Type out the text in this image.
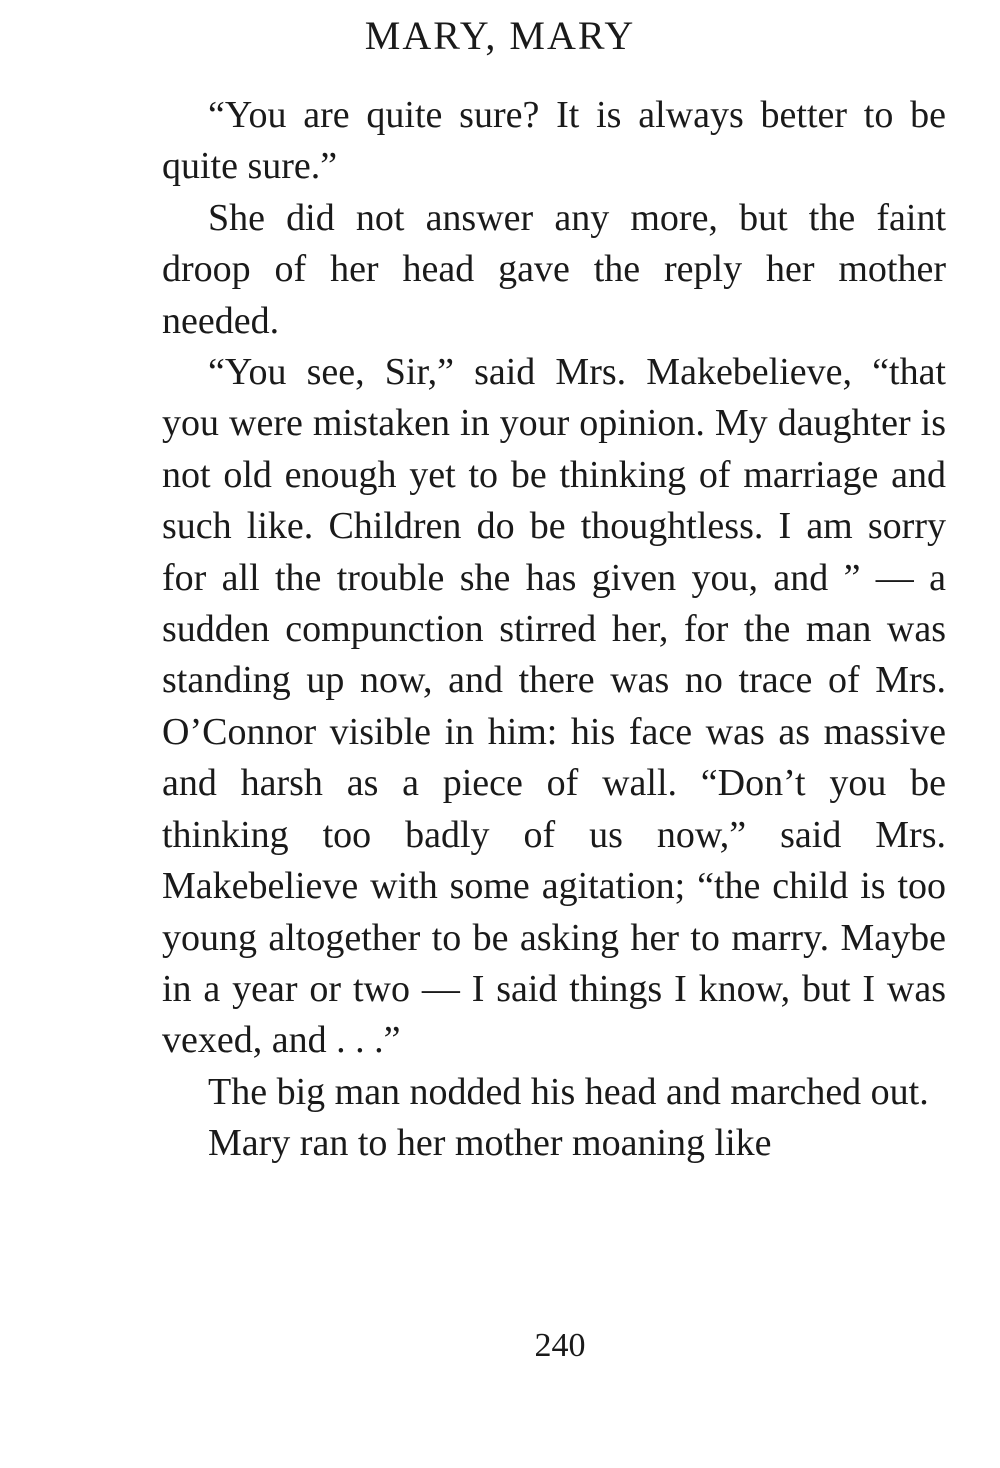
MARY, MARY

“You are quite sure? It is always better to be quite sure.”

She did not answer any more, but the faint droop of her head gave the reply her mother needed.

“You see, Sir,” said Mrs. Makebelieve, “that you were mistaken in your opinion. My daughter is not old enough yet to be thinking of marriage and such like. Children do be thoughtless. I am sorry for all the trouble she has given you, and ” — a sudden compunction stirred her, for the man was standing up now, and there was no trace of Mrs. O’Connor visible in him: his face was as massive and harsh as a piece of wall. “Don’t you be thinking too badly of us now,” said Mrs. Makebelieve with some agitation; “the child is too young altogether to be asking her to marry. Maybe in a year or two — I said things I know, but I was vexed, and . . .”

The big man nodded his head and marched out.

Mary ran to her mother moaning like

240
